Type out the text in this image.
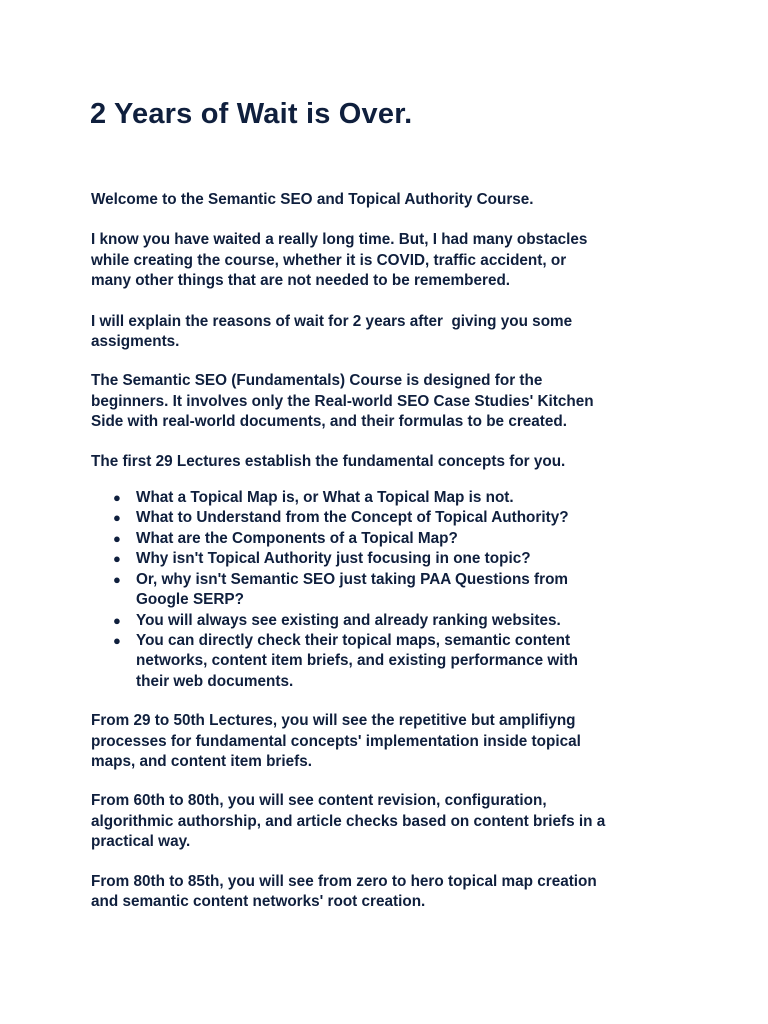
2 Years of Wait is Over.

Welcome to the Semantic SEO and Topical Authority Course.

I know you have waited a really long time. But, I had many obstacles
while creating the course, whether it is COVID, traffic accident, or
many other things that are not needed to be remembered.

I will explain the reasons of wait for 2 years after  giving you some
assigments.

The Semantic SEO (Fundamentals) Course is designed for the
beginners. It involves only the Real-world SEO Case Studies' Kitchen
Side with real-world documents, and their formulas to be created.

The first 29 Lectures establish the fundamental concepts for you.

● What a Topical Map is, or What a Topical Map is not.
● What to Understand from the Concept of Topical Authority?
● What are the Components of a Topical Map?
● Why isn't Topical Authority just focusing in one topic?
● Or, why isn't Semantic SEO just taking PAA Questions from
Google SERP?
● You will always see existing and already ranking websites.
● You can directly check their topical maps, semantic content
networks, content item briefs, and existing performance with
their web documents.

From 29 to 50th Lectures, you will see the repetitive but amplifiyng
processes for fundamental concepts' implementation inside topical
maps, and content item briefs.

From 60th to 80th, you will see content revision, configuration,
algorithmic authorship, and article checks based on content briefs in a
practical way.

From 80th to 85th, you will see from zero to hero topical map creation
and semantic content networks' root creation.
